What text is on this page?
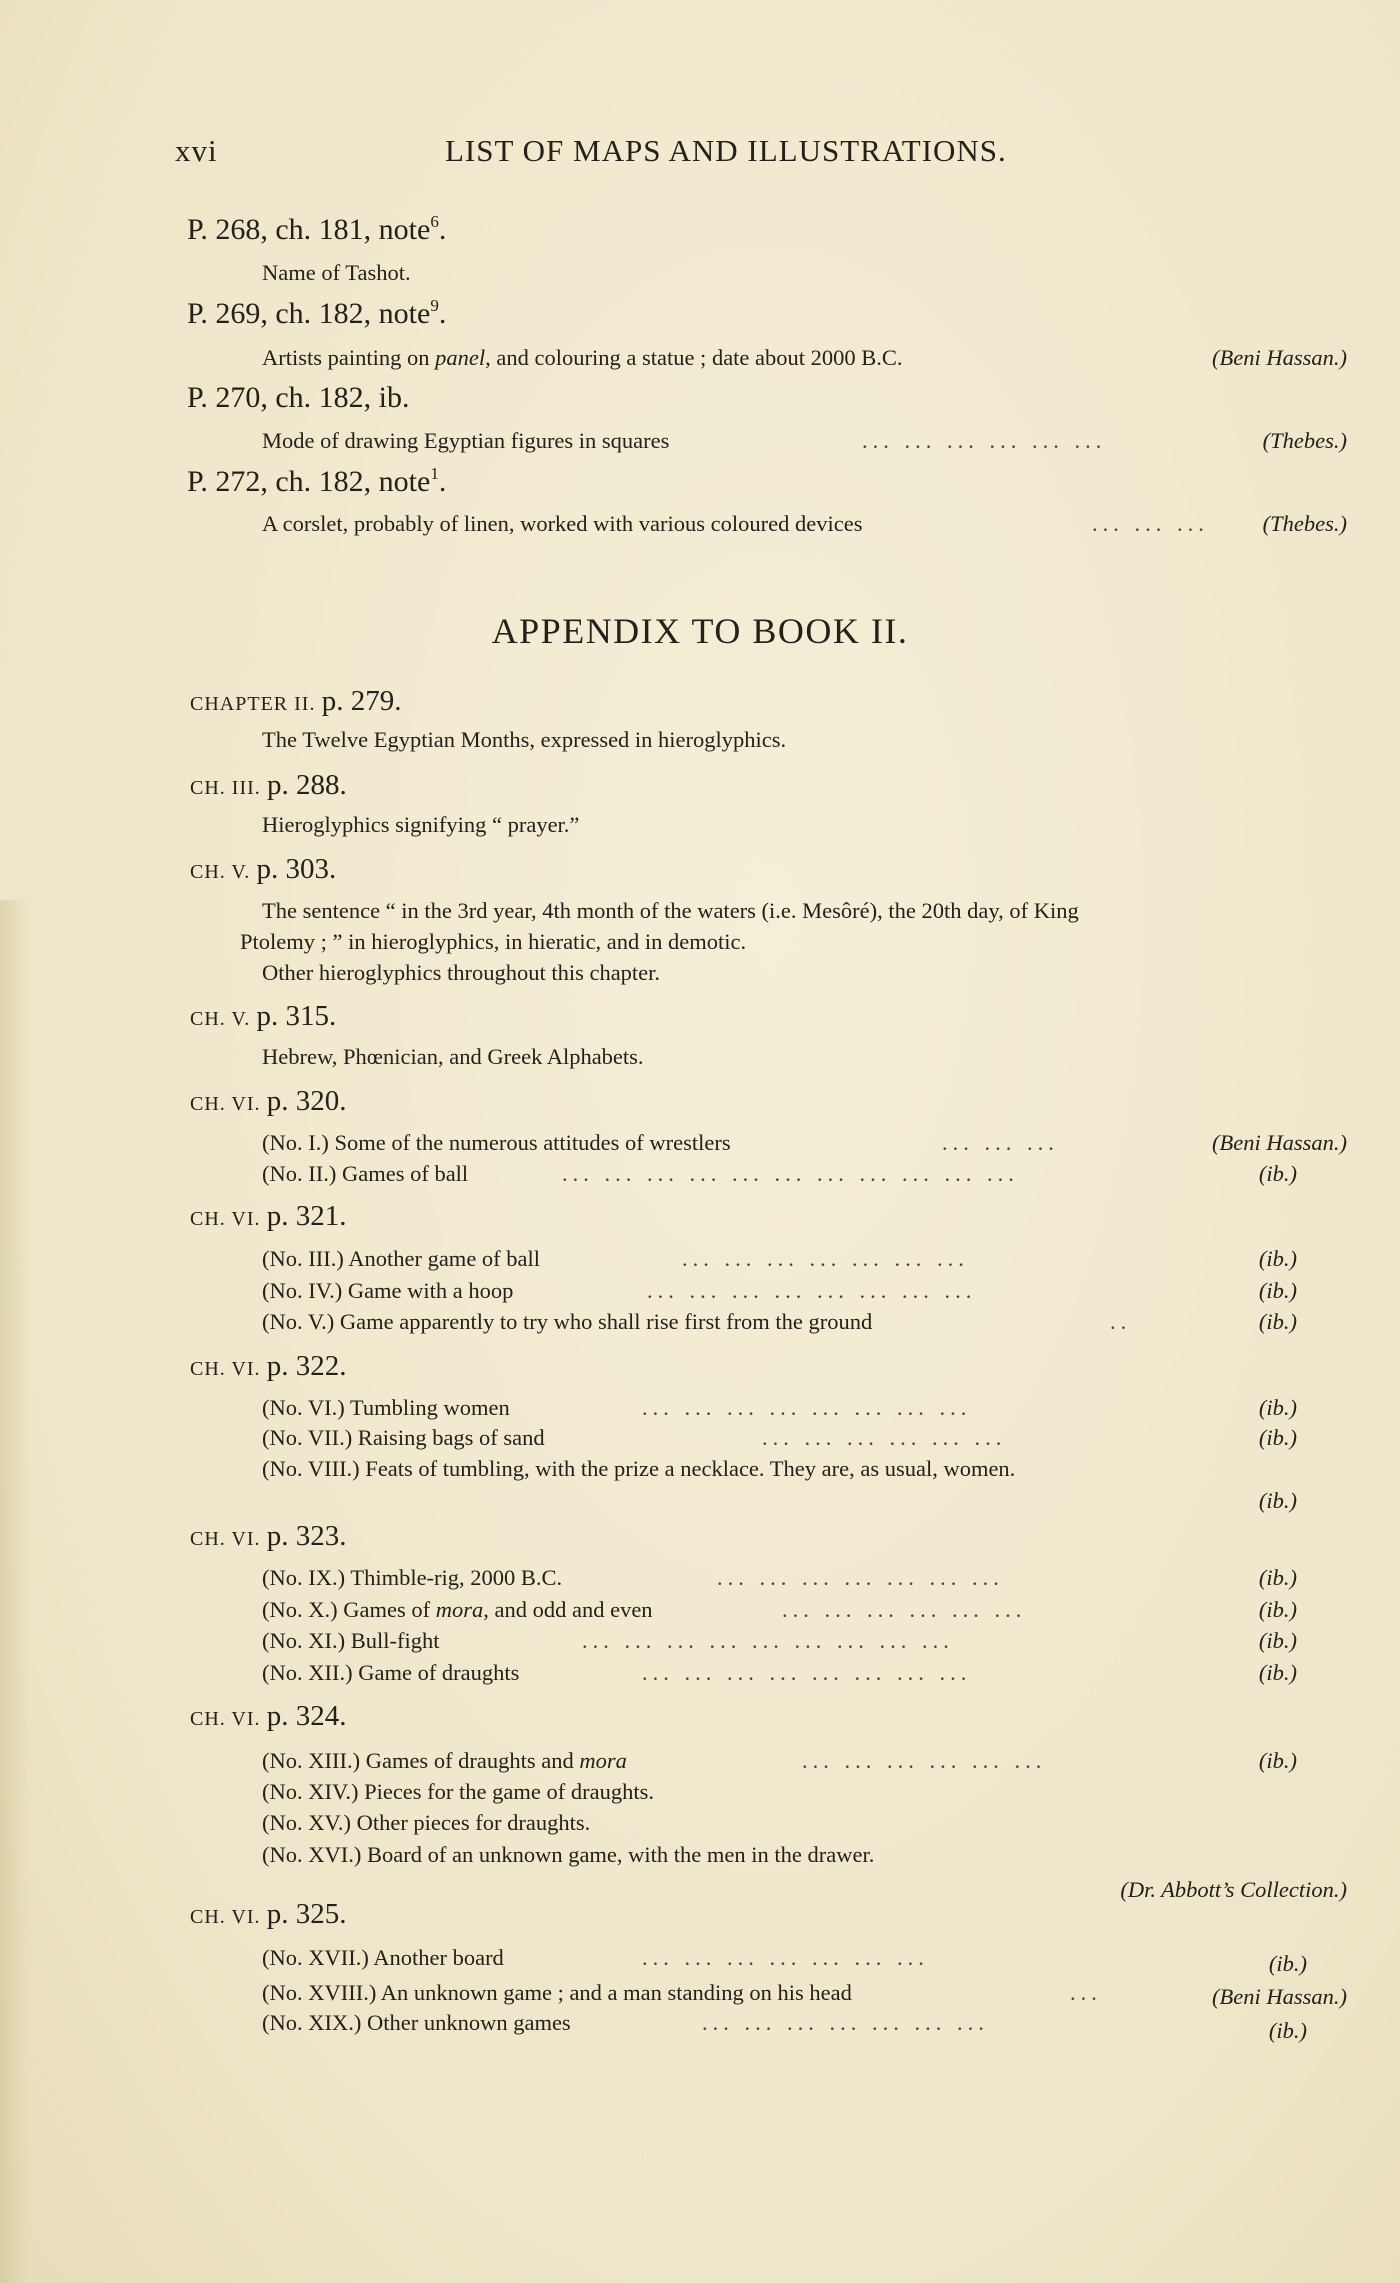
xvi	LIST OF MAPS AND ILLUSTRATIONS.
P. 268, ch. 181, note$^6$.
Name of Tashot.
P. 269, ch. 182, note$^9$.
Artists painting on panel, and colouring a statue ; date about 2000 B.C.	(Beni Hassan.)
P. 270, ch. 182, ib.
Mode of drawing Egyptian figures in squares	... ... ... ... ... ...	(Thebes.)
P. 272, ch. 182, note$^1$.
A corslet, probably of linen, worked with various coloured devices	... ... ... (Thebes.)
APPENDIX TO BOOK II.
CHAPTER II. p. 279.
The Twelve Egyptian Months, expressed in hieroglyphics.
CH. III. p. 288.
Hieroglyphics signifying “ prayer.”
CH. V. p. 303.
The sentence “ in the 3rd year, 4th month of the waters (i.e. Mesôré), the 20th day, of King
Ptolemy ; ” in hieroglyphics, in hieratic, and in demotic.
Other hieroglyphics throughout this chapter.
CH. V. p. 315.
Hebrew, Phœnician, and Greek Alphabets.
CH. VI. p. 320.
(No. I.) Some of the numerous attitudes of wrestlers	... ... ...	(Beni Hassan.)
(No. II.) Games of ball	... ... ... ... ... ... ... ... ... ... ...	(ib.)
CH. VI. p. 321.
(No. III.) Another game of ball	... ... ... ... ... ... ...	(ib.)
(No. IV.) Game with a hoop	... ... ... ... ... ... ... ...	(ib.)
(No. V.) Game apparently to try who shall rise first from the ground	..	(ib.)
CH. VI. p. 322.
(No. VI.) Tumbling women	... ... ... ... ... ... ... ...	(ib.)
(No. VII.) Raising bags of sand	... ... ... ... ... ...	(ib.)
(No. VIII.) Feats of tumbling, with the prize a necklace. They are, as usual, women.
(ib.)
CH. VI. p. 323.
(No. IX.) Thimble-rig, 2000 B.C.	... ... ... ... ... ... ...	(ib.)
(No. X.) Games of mora, and odd and even	... ... ... ... ... ...	(ib.)
(No. XI.) Bull-fight	... ... ... ... ... ... ... ... ...	(ib.)
(No. XII.) Game of draughts	... ... ... ... ... ... ... ...	(ib.)
CH. VI. p. 324.
(No. XIII.) Games of draughts and mora	... ... ... ... ... ...	(ib.)
(No. XIV.) Pieces for the game of draughts.
(No. XV.) Other pieces for draughts.
(No. XVI.) Board of an unknown game, with the men in the drawer.
(Dr. Abbott’s Collection.)
CH. VI. p. 325.
(No. XVII.) Another board	... ... ... ... ... ... ...	(ib.)
(No. XVIII.) An unknown game ; and a man standing on his head	...	(Beni Hassan.)
(No. XIX.) Other unknown games	... ... ... ... ... ... ...	(ib.)
